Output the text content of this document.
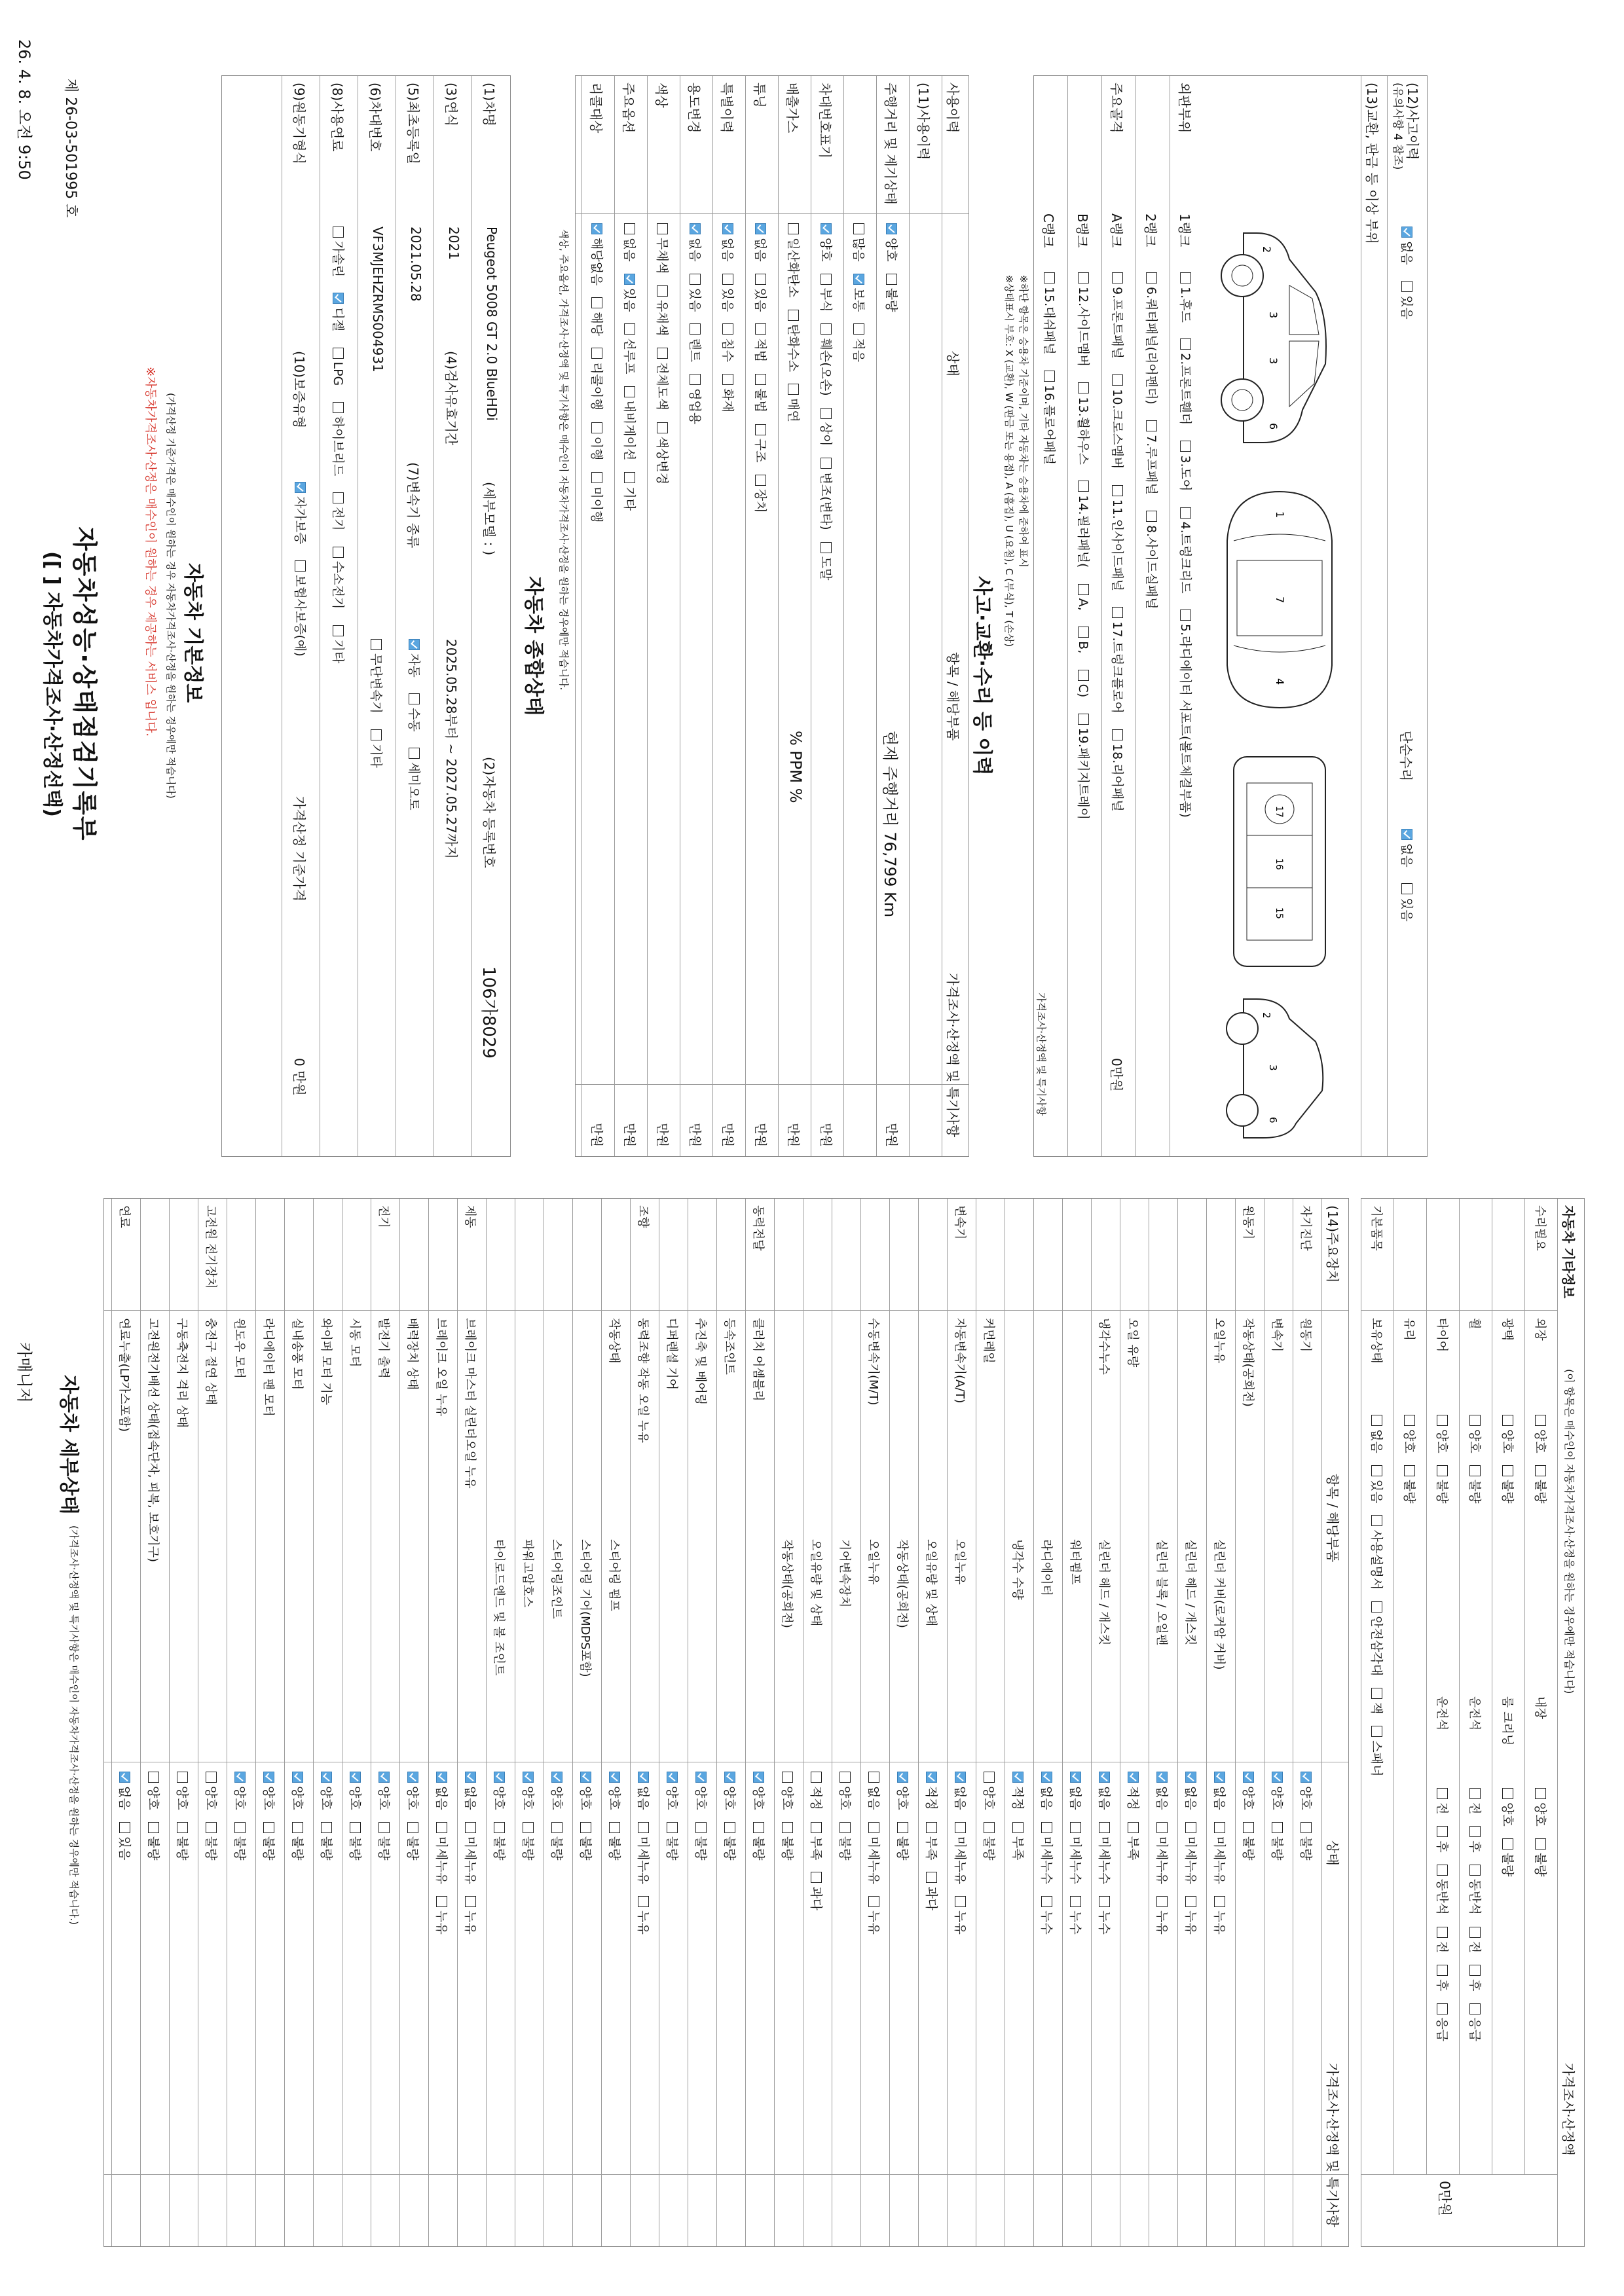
26. 4. 8. 오전 9:50
카매니저
제 26-03-501995 호
자동차성능·상태점검기록부
([ ] 자동차가격조사·산정선택)	※자동차가격조사·산정은 매수인이 원하는 경우 제공하는 서비스 입니다. (가격산정 기준가격은 매수인이 원하는 경우 자동차가격조사·산정을 원하는 경우에만 적습니다) 자동차 기본정보
(1)차명
Peugeot 5008 GT 2.0 BlueHDi
(세부모델 : )
(2)자동차 등록번호
106가8029
(3)연식
2021
(4)검사유효기간
2025.05.28부터 ~ 2027.05.27까지
(5)최초등록일
2021.05.28
(7)변속기 종류
자동 수동 세미오토
(6)차대번호
VF3MJEHZRMS004931
무단변속기 기타
(8)사용연료
가솔린 디젤 LPG 하이브리드 전기 수소전기 기타
(9)원동기형식
(10)보증유형
자가보증 보험사보증(예)
가격산정 기준가격
0 만원
자동차 종합상태	색상, 주요옵션, 가격조사·산정액 및 특기사항은 매수인이 자동차가격조사·산정을 원하는 경우에만 적습니다.
사용이력
상태
항목 / 해당부품
가격조사·산정액 및 특기사항
(11)사용이력
주행거리 및 계기상태
양호불량
현재 주행거리 76,799 Km
만원
많음보통적음
차대번호표기
양호부식훼손(오손)상이변조(변타)도말
만원
배출가스
일산화탄소탄화수소매연
% PPM %
만원
튜닝
없음있음적법불법구조장치
만원
특별이력
없음있음침수화재
만원
용도변경
없음있음렌트영업용
만원
색상
무채색유채색전체도색색상변경
만원
주요옵션
없음있음선루프내비게이션기타
만원
리콜대상
해당없음해당리콜이행이행미이행
만원
사고·교환·수리 등 이력
※상태표시 부호: X (교환), W (판금 또는 용접), A (흠집), U (요철), C (부식), T (손상) ※하단 항목은 승용차 기준이며, 기타 자동차는 승용차에 준하여 표시
(12)사고이력
(유의사항 4 참조)
없음 있음
단순수리
없음 있음
(13)교환, 판금 등 이상 부위
2
3
3
6
1
7
4
17
16
15
2
3
6
외판부위
1랭크
1.후드 2.프론트휀더 3.도어 4.트렁크리드 5.라디에이터 서포트(볼트체결부품)
2랭크
6.쿼터패널(리어펜더) 7.루프패널 8.사이드실패널
주요골격
A랭크
9.프론트패널 10.크로스멤버 11.인사이드패널 17.트렁크플로어 18.리어패널
0만원
B랭크
12.사이드멤버 13.휠하우스 14.필러패널( A, B, C) 19.패키지트레이
C랭크
15.대쉬패널 16.플로어패널
가격조사·산정액 및 특기사항
자동차 세부상태
(가격조사·산정액 및 특기사항은 매수인이 자동차가격조사·산정을 원하는 경우에만 적습니다.)
(14)주요장치
항목 / 해당부품
상태
가격조사·산정액 및 특기사항
자기진단
원동기
양호불량
변속기
양호불량
원동기
작동상태(공회전)
양호불량
오일누유
실린더 커버(로커암 커버)
없음미세누유누유
실린더 헤드 / 개스킷
없음미세누유누유
실린더 블록 / 오일팬
없음미세누유누유
오일 유량
적정부족
냉각수누수
실린더 헤드 / 개스킷
없음미세누수누수
워터펌프
없음미세누수누수
라디에이터
없음미세누수누수
냉각수 수량
적정부족
커먼레일
양호불량
변속기
자동변속기(A/T)
오일누유
없음미세누유누유
오일유량 및 상태
적정부족과다
작동상태(공회전)
양호불량
수동변속기(M/T)
오일누유
없음미세누유누유
기어변속장치
양호불량
오일유량 및 상태
적정부족과다
작동상태(공회전)
양호불량
동력전달
클러치 어셈블리
양호불량
등속조인트
양호불량
추진축 및 베어링
양호불량
디퍼렌셜 기어
양호불량
조향
동력조향 작동 오일 누유
없음미세누유누유
작동상태
스티어링 펌프
양호불량
스티어링 기어(MDPS포함)
양호불량
스티어링조인트
양호불량
파워고압호스
양호불량
타이로드엔드 및 볼 조인트
양호불량
제동
브레이크 마스터 실린더오일 누유
없음미세누유누유
브레이크 오일 누유
없음미세누유누유
배력장치 상태
양호불량
전기
발전기 출력
양호불량
시동 모터
양호불량
와이퍼 모터 기능
양호불량
실내송풍 모터
양호불량
라디에이터 팬 모터
양호불량
윈도우 모터
양호불량
고전원 전기장치
충전구 절연 상태
양호불량
구동축전지 격리 상태
양호불량
고전원전기배선 상태(접속단자, 피복, 보호기구)
양호불량
연료
연료누출(LP가스포함)
없음있음
자동차 기타정보
(이 항목은 매수인이 자동차가격조사·산정을 원하는 경우에만 적습니다)
가격조사·산정액
수리필요
외장
양호불량
내장
양호불량
광택
양호불량
룸 크리닝
양호불량
휠
양호불량
운전석
전후동반석전후응급
타이어
양호불량
운전석
전후동반석전후응급
유리
양호불량
기본품목
보유상태
없음있음사용설명서안전삼각대잭스패너
0만원
